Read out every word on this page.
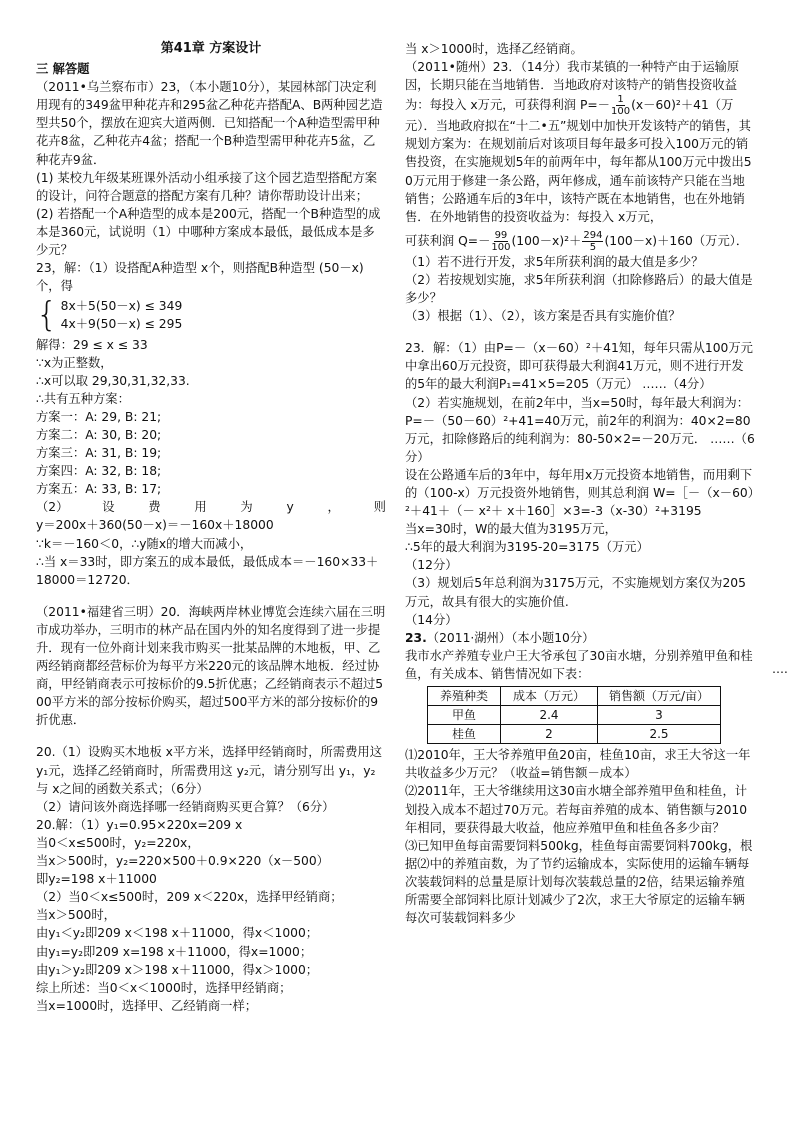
第41章 方案设计

三 解答题

（2011•乌兰察布市）23，（本小题10分），某园林部门决定利用现有的349盆甲种花卉和295盆乙种花卉搭配A、B两种园艺造型共50个，摆放在迎宾大道两侧．已知搭配一个A种造型需甲种花卉8盆，乙种花卉4盆；搭配一个B种造型需甲种花卉5盆，乙种花卉9盆．

(1) 某校九年级某班课外活动小组承接了这个园艺造型搭配方案的设计，问符合题意的搭配方案有几种？请你帮助设计出来；

(2) 若搭配一个A种造型的成本是200元，搭配一个B种造型的成本是360元，试说明（1）中哪种方案成本最低，最低成本是多少元？

23，解：（1）设搭配A种造型 x个，则搭配B种造型 (50－x)个，得

{ 8x＋5(50－x) ≤ 349
4x＋9(50－x) ≤ 295

解得：29 ≤ x ≤ 33

∵x为正整数，

∴x可以取 29,30,31,32,33.

∴共有五种方案：

方案一：A: 29, B: 21;

方案二：A: 30, B: 20;

方案三：A: 31, B: 19;

方案四：A: 32, B: 18;

方案五：A: 33, B: 17;

（2）	设	费	用	为	y	，	则

y＝200x＋360(50－x)＝－160x＋18000

∵k＝－160＜0，∴y随x的增大而减小，

∴当 x＝33时，即方案五的成本最低，最低成本＝－160×33＋18000＝12720．

（2011•福建省三明）20．海峡两岸林业博览会连续六届在三明市成功举办，三明市的林产品在国内外的知名度得到了进一步提升．现有一位外商计划来我市购买一批某品牌的木地板，甲、乙两经销商都经营标价为每平方米220元的该品牌木地板．经过协商，甲经销商表示可按标价的9.5折优惠；乙经销商表示不超过500平方米的部分按标价购买，超过500平方米的部分按标价的9折优惠．

20.（1）设购买木地板 x平方米，选择甲经销商时，所需费用这 y₁元，选择乙经销商时，所需费用这 y₂元，请分别写出 y₁，y₂与 x之间的函数关系式；（6分）

（2）请问该外商选择哪一经销商购买更合算？（6分）

20.解：（1）y₁=0.95×220x=209 x

当0＜x≤500时，y₂=220x，

当x＞500时，y₂=220×500＋0.9×220（x－500）

即y₂=198 x＋11000

（2）当0＜x≤500时，209 x＜220x，选择甲经销商；

当x＞500时，

由y₁＜y₂即209 x＜198 x＋11000，得x＜1000；

由y₁=y₂即209 x=198 x＋11000，得x=1000；

由y₁＞y₂即209 x＞198 x＋11000，得x＞1000；

综上所述：当0＜x＜1000时，选择甲经销商；

当x=1000时，选择甲、乙经销商一样；

当 x＞1000时，选择乙经销商。

（2011•随州）23．（14分）我市某镇的一种特产由于运输原因，长期只能在当地销售．当地政府对该特产的销售投资收益为：每投入 x万元，可获得利润 $P=- \frac{1}{100} (x-60)^2+41$（万元）．当地政府拟在“十二•五”规划中加快开发该特产的销售，其规划方案为：在规划前后对该项目每年最多可投入100万元的销售投资，在实施规划5年的前两年中，每年都从100万元中拨出50万元用于修建一条公路，两年修成，通车前该特产只能在当地销售；公路通车后的3年中，该特产既在本地销售，也在外地销售．在外地销售的投资收益为：每投入 x万元，

可获利润 $Q=- \frac{99}{100} (100-x)^2+ \frac{294}{5} (100-x)+160$（万元）．

（1）若不进行开发，求5年所获利润的最大值是多少？

（2）若按规划实施，求5年所获利润（扣除修路后）的最大值是多少？

（3）根据（1）、（2），该方案是否具有实施价值？

23．解：（1）由P=－（x－60）²＋41知，每年只需从100万元中拿出60万元投资，即可获得最大利润41万元，则不进行开发的5年的最大利润P₁=41×5=205（万元） ……（4分）

（2）若实施规划，在前2年中，当x=50时，每年最大利润为：

P=－（50－60）²+41=40万元，前2年的利润为：40×2=80万元，扣除修路后的纯利润为：80-50×2=－20万元． ……（6分）

设在公路通车后的3年中，每年用x万元投资本地销售，而用剩下的（100-x）万元投资外地销售，则其总利润 W=［－（x－60）²＋41＋（－ x²＋ x＋160］×3=-3（x-30）²+3195

当x=30时，W的最大值为3195万元，

∴5年的最大利润为3195-20=3175（万元）

（12分）

（3）规划后5年总利润为3175万元，不实施规划方案仅为205万元，故具有很大的实施价值.

（14分）

23.（2011·湖州）（本小题10分）

我市水产养殖专业户王大爷承包了30亩水塘，分别养殖甲鱼和桂鱼，有关成本、销售情况如下表：

养殖种类	成本（万元）	销售额（万元/亩）
甲鱼	2.4	3
桂鱼	2	2.5

⑴2010年，王大爷养殖甲鱼20亩，桂鱼10亩，求王大爷这一年共收益多少万元？（收益=销售额－成本）

⑵2011年，王大爷继续用这30亩水塘全部养殖甲鱼和桂鱼，计划投入成本不超过70万元。若每亩养殖的成本、销售额与2010年相同，要获得最大收益，他应养殖甲鱼和桂鱼各多少亩？

⑶已知甲鱼每亩需要饲料500kg，桂鱼每亩需要饲料700kg，根据⑵中的养殖亩数，为了节约运输成本，实际使用的运输车辆每次装载饲料的总量是原计划每次装载总量的2倍，结果运输养殖所需要全部饲料比原计划减少了2次，求王大爷原定的运输车辆每次可装载饲料多少

….
